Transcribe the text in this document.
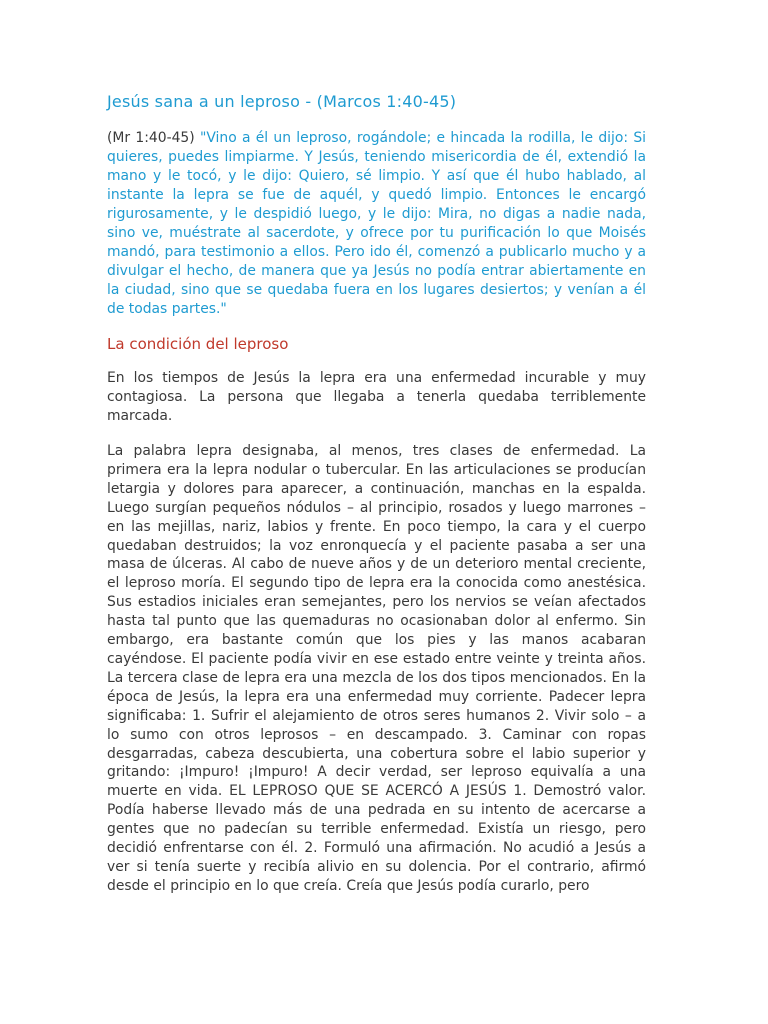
Jesús sana a un leproso - (Marcos 1:40-45)

(Mr 1:40-45) "Vino a él un leproso, rogándole; e hincada la rodilla, le dijo: Si quieres, puedes limpiarme. Y Jesús, teniendo misericordia de él, extendió la mano y le tocó, y le dijo: Quiero, sé limpio. Y así que él hubo hablado, al instante la lepra se fue de aquél, y quedó limpio. Entonces le encargó rigurosamente, y le despidió luego, y le dijo: Mira, no digas a nadie nada, sino ve, muéstrate al sacerdote, y ofrece por tu purificación lo que Moisés mandó, para testimonio a ellos. Pero ido él, comenzó a publicarlo mucho y a divulgar el hecho, de manera que ya Jesús no podía entrar abiertamente en la ciudad, sino que se quedaba fuera en los lugares desiertos; y venían a él de todas partes."

La condición del leproso

En los tiempos de Jesús la lepra era una enfermedad incurable y muy contagiosa. La persona que llegaba a tenerla quedaba terriblemente marcada.

La palabra lepra designaba, al menos, tres clases de enfermedad. La primera era la lepra nodular o tubercular. En las articulaciones se producían letargia y dolores para aparecer, a continuación, manchas en la espalda. Luego surgían pequeños nódulos – al principio, rosados y luego marrones – en las mejillas, nariz, labios y frente. En poco tiempo, la cara y el cuerpo quedaban destruidos; la voz enronquecía y el paciente pasaba a ser una masa de úlceras. Al cabo de nueve años y de un deterioro mental creciente, el leproso moría. El segundo tipo de lepra era la conocida como anestésica. Sus estadios iniciales eran semejantes, pero los nervios se veían afectados hasta tal punto que las quemaduras no ocasionaban dolor al enfermo. Sin embargo, era bastante común que los pies y las manos acabaran cayéndose. El paciente podía vivir en ese estado entre veinte y treinta años. La tercera clase de lepra era una mezcla de los dos tipos mencionados. En la época de Jesús, la lepra era una enfermedad muy corriente. Padecer lepra significaba: 1. Sufrir el alejamiento de otros seres humanos 2. Vivir solo – a lo sumo con otros leprosos – en descampado. 3. Caminar con ropas desgarradas, cabeza descubierta, una cobertura sobre el labio superior y gritando: ¡Impuro! ¡Impuro! A decir verdad, ser leproso equivalía a una muerte en vida. EL LEPROSO QUE SE ACERCÓ A JESÚS 1. Demostró valor. Podía haberse llevado más de una pedrada en su intento de acercarse a gentes que no padecían su terrible enfermedad. Existía un riesgo, pero decidió enfrentarse con él. 2. Formuló una afirmación. No acudió a Jesús a ver si tenía suerte y recibía alivio en su dolencia. Por el contrario, afirmó desde el principio en lo que creía. Creía que Jesús podía curarlo, pero
